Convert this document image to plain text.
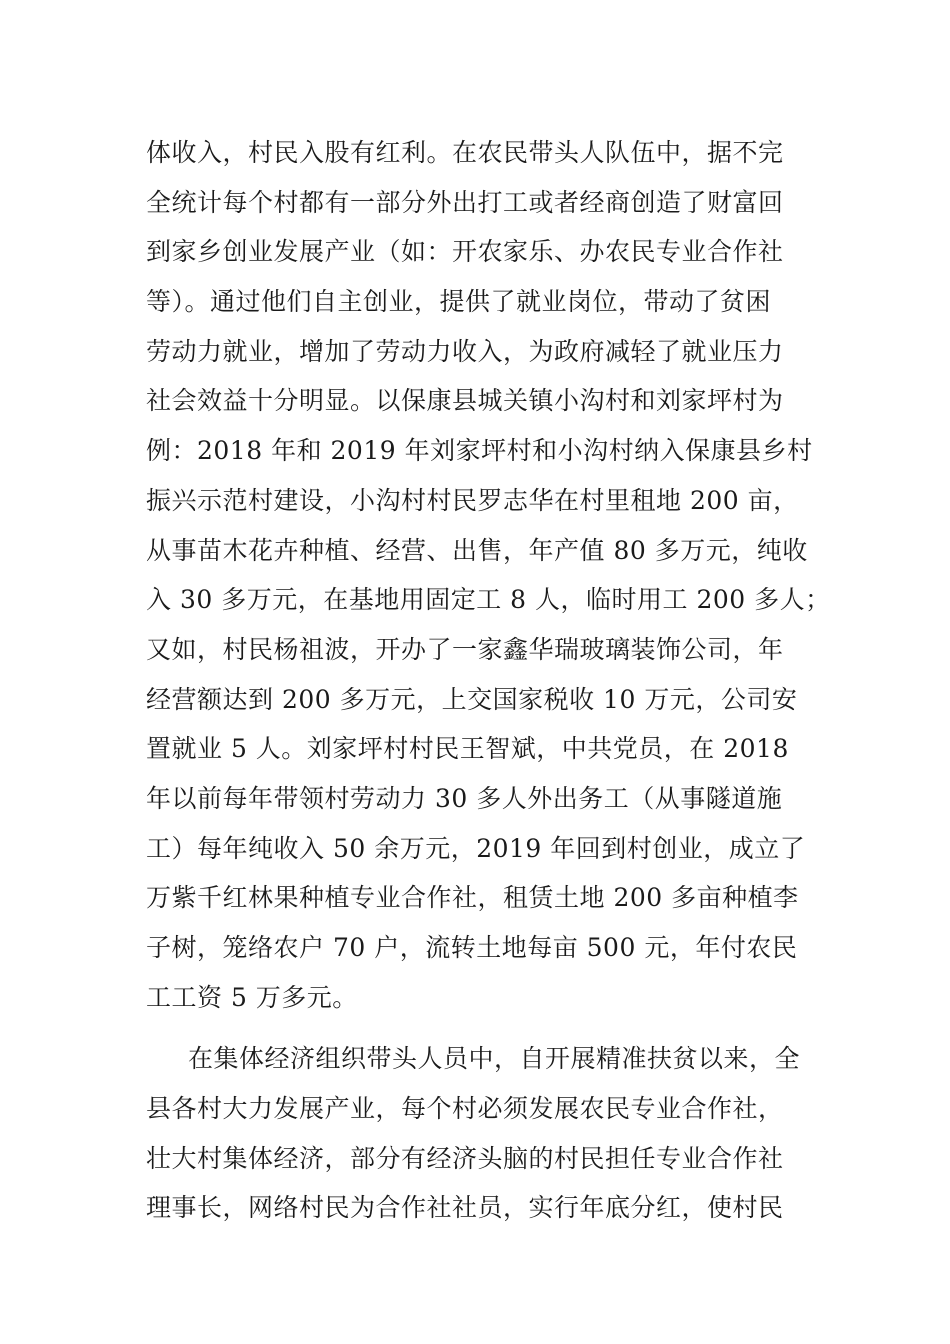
体收入，村民入股有红利。在农民带头人队伍中，据不完
全统计每个村都有一部分外出打工或者经商创造了财富回
到家乡创业发展产业（如：开农家乐、办农民专业合作社
等）。通过他们自主创业，提供了就业岗位，带动了贫困
劳动力就业，增加了劳动力收入，为政府减轻了就业压力
社会效益十分明显。以保康县城关镇小沟村和刘家坪村为
例：2018 年和 2019 年刘家坪村和小沟村纳入保康县乡村
振兴示范村建设，小沟村村民罗志华在村里租地 200 亩，
从事苗木花卉种植、经营、出售，年产值 80 多万元，纯收
入 30 多万元，在基地用固定工 8 人，临时用工 200 多人；
又如，村民杨祖波，开办了一家鑫华瑞玻璃装饰公司，年
经营额达到 200 多万元，上交国家税收 10 万元，公司安
置就业 5 人。刘家坪村村民王智斌，中共党员，在 2018
年以前每年带领村劳动力 30 多人外出务工（从事隧道施
工）每年纯收入 50 余万元，2019 年回到村创业，成立了
万紫千红林果种植专业合作社，租赁土地 200 多亩种植李
子树，笼络农户 70 户，流转土地每亩 500 元，年付农民
工工资 5 万多元。
在集体经济组织带头人员中，自开展精准扶贫以来，全
县各村大力发展产业，每个村必须发展农民专业合作社，
壮大村集体经济，部分有经济头脑的村民担任专业合作社
理事长，网络村民为合作社社员，实行年底分红，使村民
